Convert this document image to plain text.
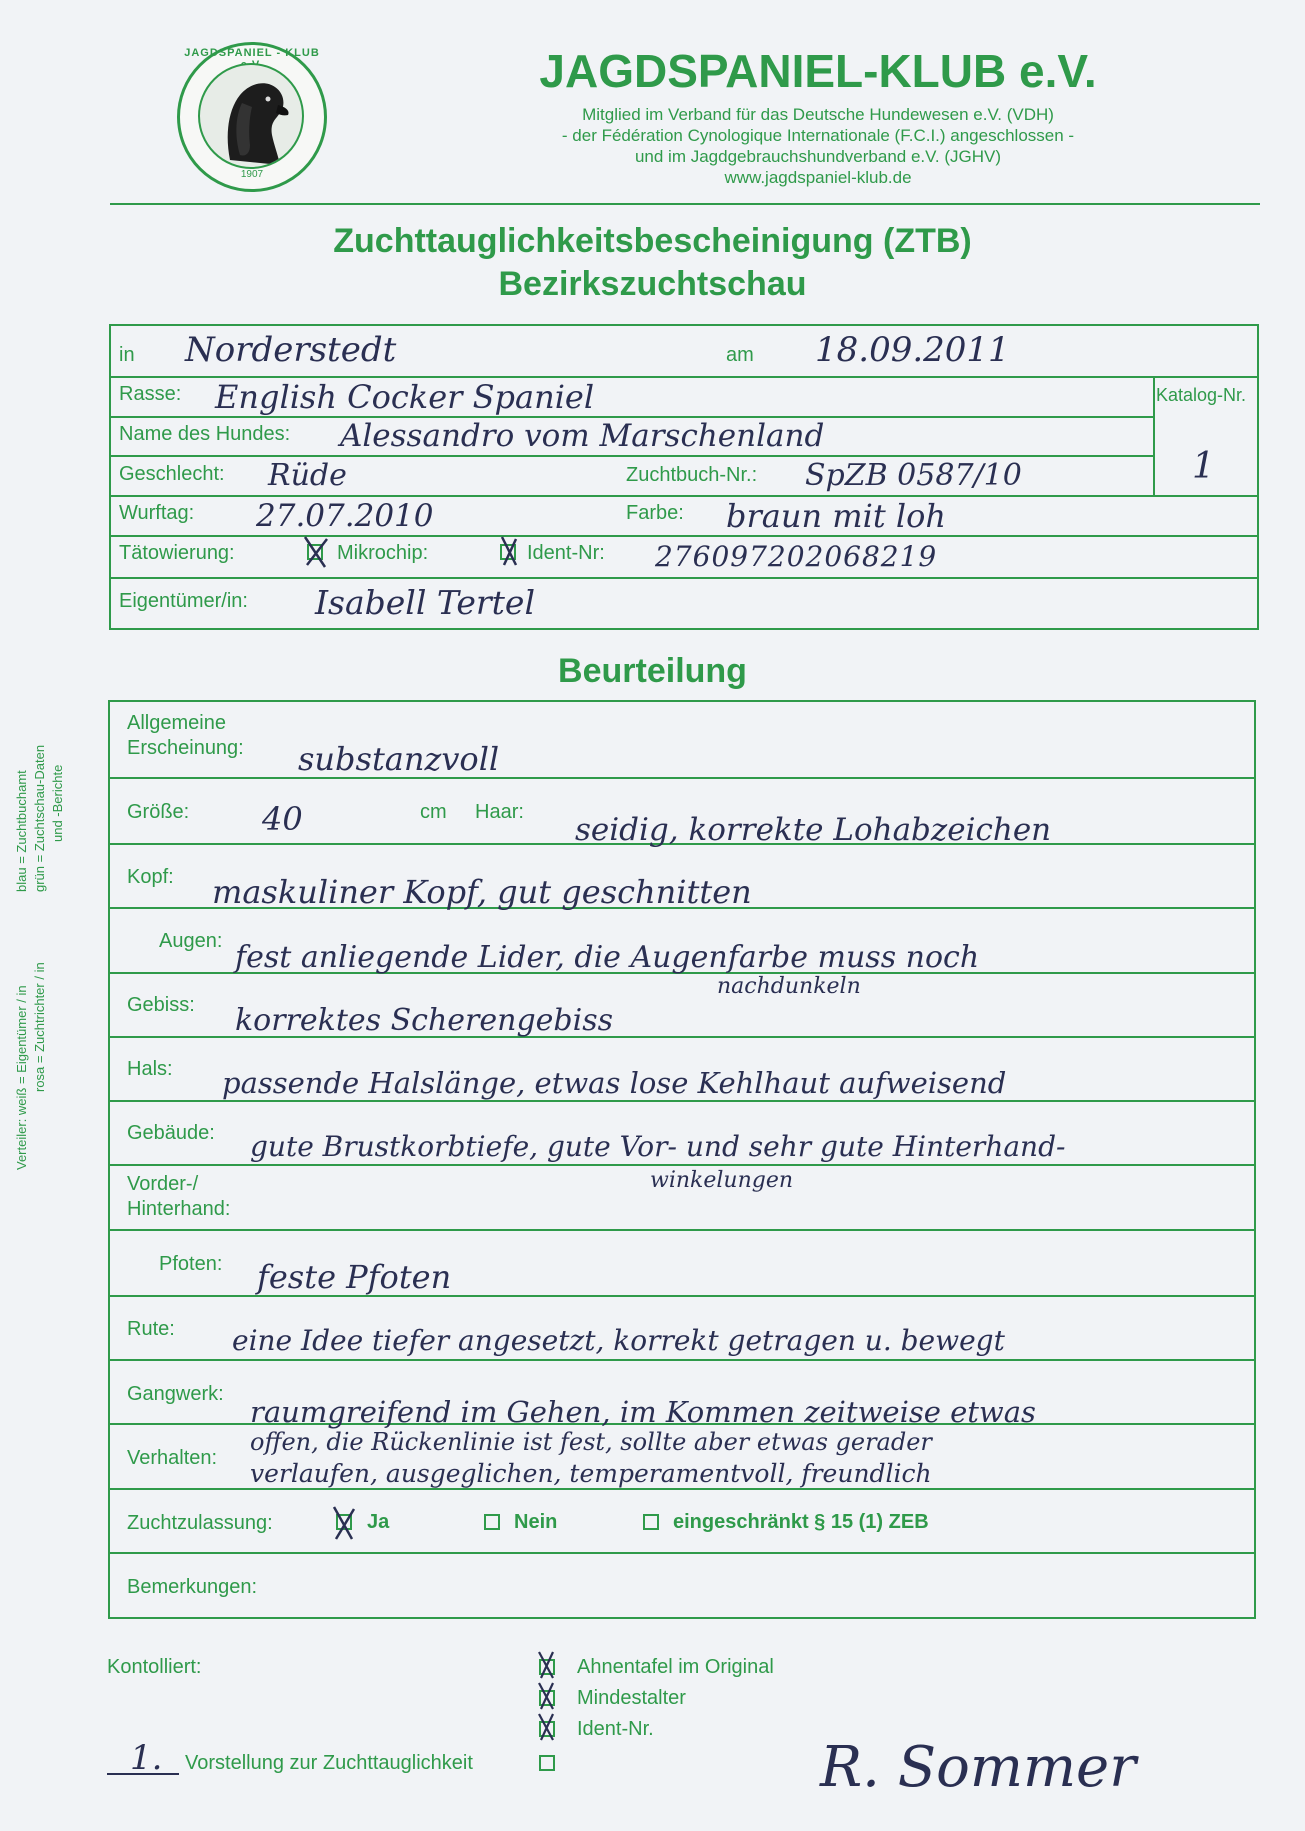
JAGDSPANIEL - KLUB
1907
JAGDSPANIEL-KLUB e.V.
Mitglied im Verband für das Deutsche Hundewesen e.V. (VDH)
- der Fédération Cynologique Internationale (F.C.I.) angeschlossen -
und im Jagdgebrauchshundverband e.V. (JGHV)
www.jagdspaniel-klub.de
Zuchttauglichkeitsbescheinigung (ZTB)
Bezirkszuchtschau
in Norderstedt	am 18.09.2011
Rasse: English Cocker Spaniel	Katalog-Nr.
1
Name des Hundes: Alessandro vom Marschenland
Geschlecht: Rüde	Zuchtbuch-Nr.: SpZB 0587/10
Wurftag: 27.07.2010	Farbe: braun mit loh
Tätowierung:	Mikrochip:	Ident-Nr: 276097202068219
Eigentümer/in: Isabell Tertel
Beurteilung
Allgemeine
Erscheinung: substanzvoll
Größe: 40	cm Haar: seidig, korrekte Lohabzeichen
Kopf: maskuliner Kopf, gut geschnitten
Augen: fest anliegende Lider, die Augenfarbe muss noch
nachdunkeln
Gebiss: korrektes Scherengebiss
Hals: passende Halslänge, etwas lose Kehlhaut aufweisend
Gebäude: gute Brustkorbtiefe, gute Vor- und sehr gute Hinterhand-
winkelungen
Vorder-/
Hinterhand:
Pfoten: feste Pfoten
Rute: eine Idee tiefer angesetzt, korrekt getragen u. bewegt
Gangwerk:
raumgreifend im Gehen, im Kommen zeitweise etwas
Verhalten:
offen, die Rückenlinie ist fest, sollte aber etwas gerader
verlaufen, ausgeglichen, temperamentvoll, freundlich
Zuchtzulassung:	Ja	Nein	eingeschränkt § 15 (1) ZEB
Bemerkungen:
Kontolliert:	Ahnentafel im Original
Mindestalter
Ident-Nr.
1. Vorstellung zur Zuchttauglichkeit	R. Sommer
Verteiler: weiß = Eigentümer / in rosa = Zuchtrichter / in
blau = Zuchtbuchamt grün = Zuchtschau-Daten und -Berichte
